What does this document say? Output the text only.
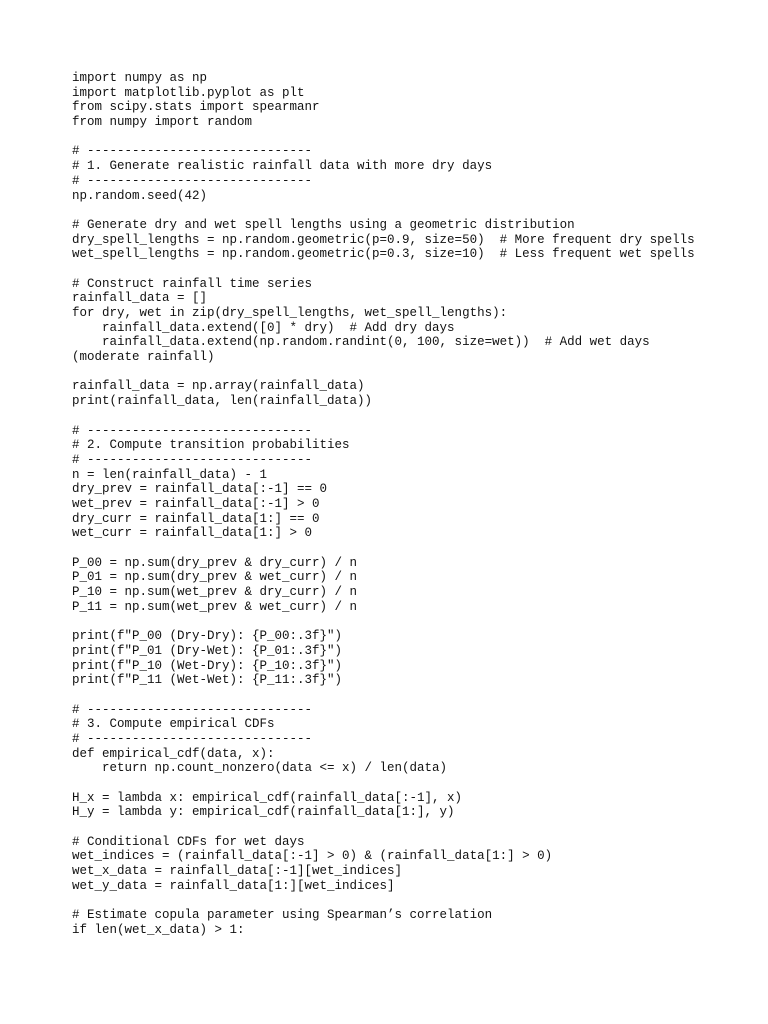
import numpy as np
import matplotlib.pyplot as plt
from scipy.stats import spearmanr
from numpy import random
# ------------------------------
# 1. Generate realistic rainfall data with more dry days
# ------------------------------
np.random.seed(42)
# Generate dry and wet spell lengths using a geometric distribution
dry_spell_lengths = np.random.geometric(p=0.9, size=50)  # More frequent dry spells
wet_spell_lengths = np.random.geometric(p=0.3, size=10)  # Less frequent wet spells
# Construct rainfall time series
rainfall_data = []
for dry, wet in zip(dry_spell_lengths, wet_spell_lengths):
rainfall_data.extend([0] * dry)  # Add dry days
rainfall_data.extend(np.random.randint(0, 100, size=wet))  # Add wet days
(moderate rainfall)
rainfall_data = np.array(rainfall_data)
print(rainfall_data, len(rainfall_data))
# ------------------------------
# 2. Compute transition probabilities
# ------------------------------
n = len(rainfall_data) - 1
dry_prev = rainfall_data[:-1] == 0
wet_prev = rainfall_data[:-1] > 0
dry_curr = rainfall_data[1:] == 0
wet_curr = rainfall_data[1:] > 0
P_00 = np.sum(dry_prev & dry_curr) / n
P_01 = np.sum(dry_prev & wet_curr) / n
P_10 = np.sum(wet_prev & dry_curr) / n
P_11 = np.sum(wet_prev & wet_curr) / n
print(f"P_00 (Dry-Dry): {P_00:.3f}")
print(f"P_01 (Dry-Wet): {P_01:.3f}")
print(f"P_10 (Wet-Dry): {P_10:.3f}")
print(f"P_11 (Wet-Wet): {P_11:.3f}")
# ------------------------------
# 3. Compute empirical CDFs
# ------------------------------
def empirical_cdf(data, x):
return np.count_nonzero(data <= x) / len(data)
H_x = lambda x: empirical_cdf(rainfall_data[:-1], x)
H_y = lambda y: empirical_cdf(rainfall_data[1:], y)
# Conditional CDFs for wet days
wet_indices = (rainfall_data[:-1] > 0) & (rainfall_data[1:] > 0)
wet_x_data = rainfall_data[:-1][wet_indices]
wet_y_data = rainfall_data[1:][wet_indices]
# Estimate copula parameter using Spearman’s correlation
if len(wet_x_data) > 1:
